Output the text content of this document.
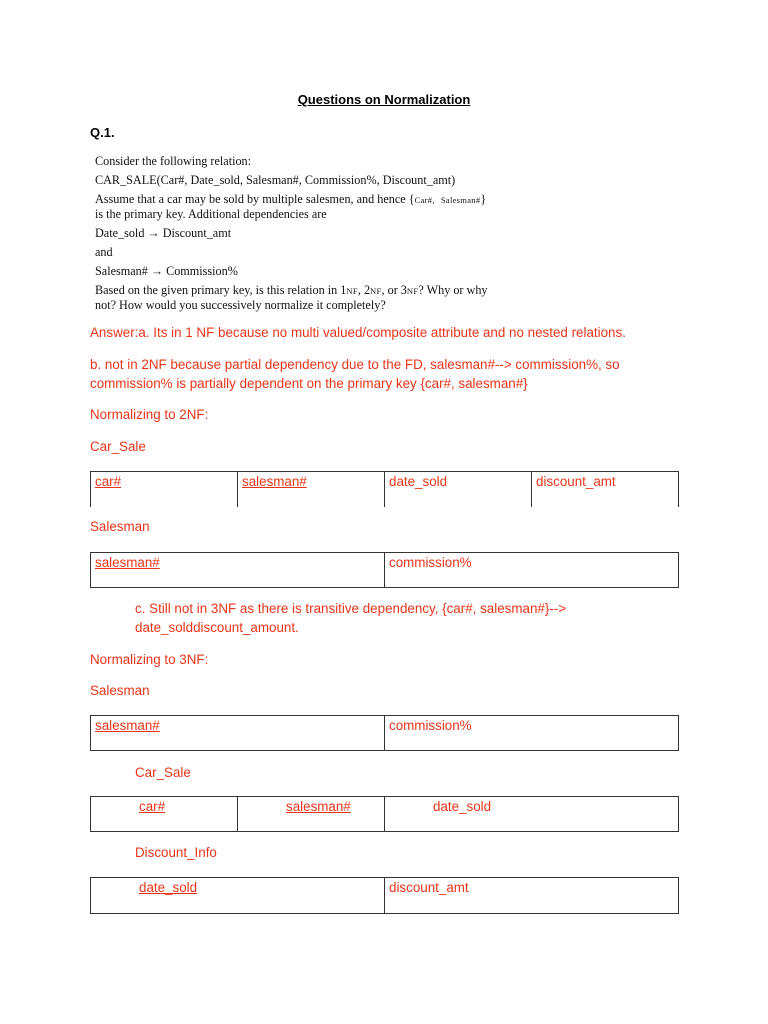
Questions on Normalization
Q.1.
Consider the following relation:
CAR_SALE(Car#, Date_sold, Salesman#, Commission%, Discount_amt)
Assume that a car may be sold by multiple salesmen, and hence {Car#, Salesman#}
is the primary key. Additional dependencies are
Date_sold → Discount_amt
and
Salesman# → Commission%
Based on the given primary key, is this relation in 1NF, 2NF, or 3NF? Why or why
not? How would you successively normalize it completely?
Answer:a. Its in 1 NF because no multi valued/composite attribute and no nested relations.
b. not in 2NF because partial dependency due to the FD, salesman#--> commission%, so
commission% is partially dependent on the primary key {car#, salesman#}
Normalizing to 2NF:
Car_Sale
car#	salesman#	date_sold	discount_amt
Salesman
salesman#	commission%
c. Still not in 3NF as there is transitive dependency, {car#, salesman#}-->
date_solddiscount_amount.
Normalizing to 3NF:
Salesman
salesman#	commission%
Car_Sale
car#	salesman#	date_sold
Discount_Info
date_sold	discount_amt
